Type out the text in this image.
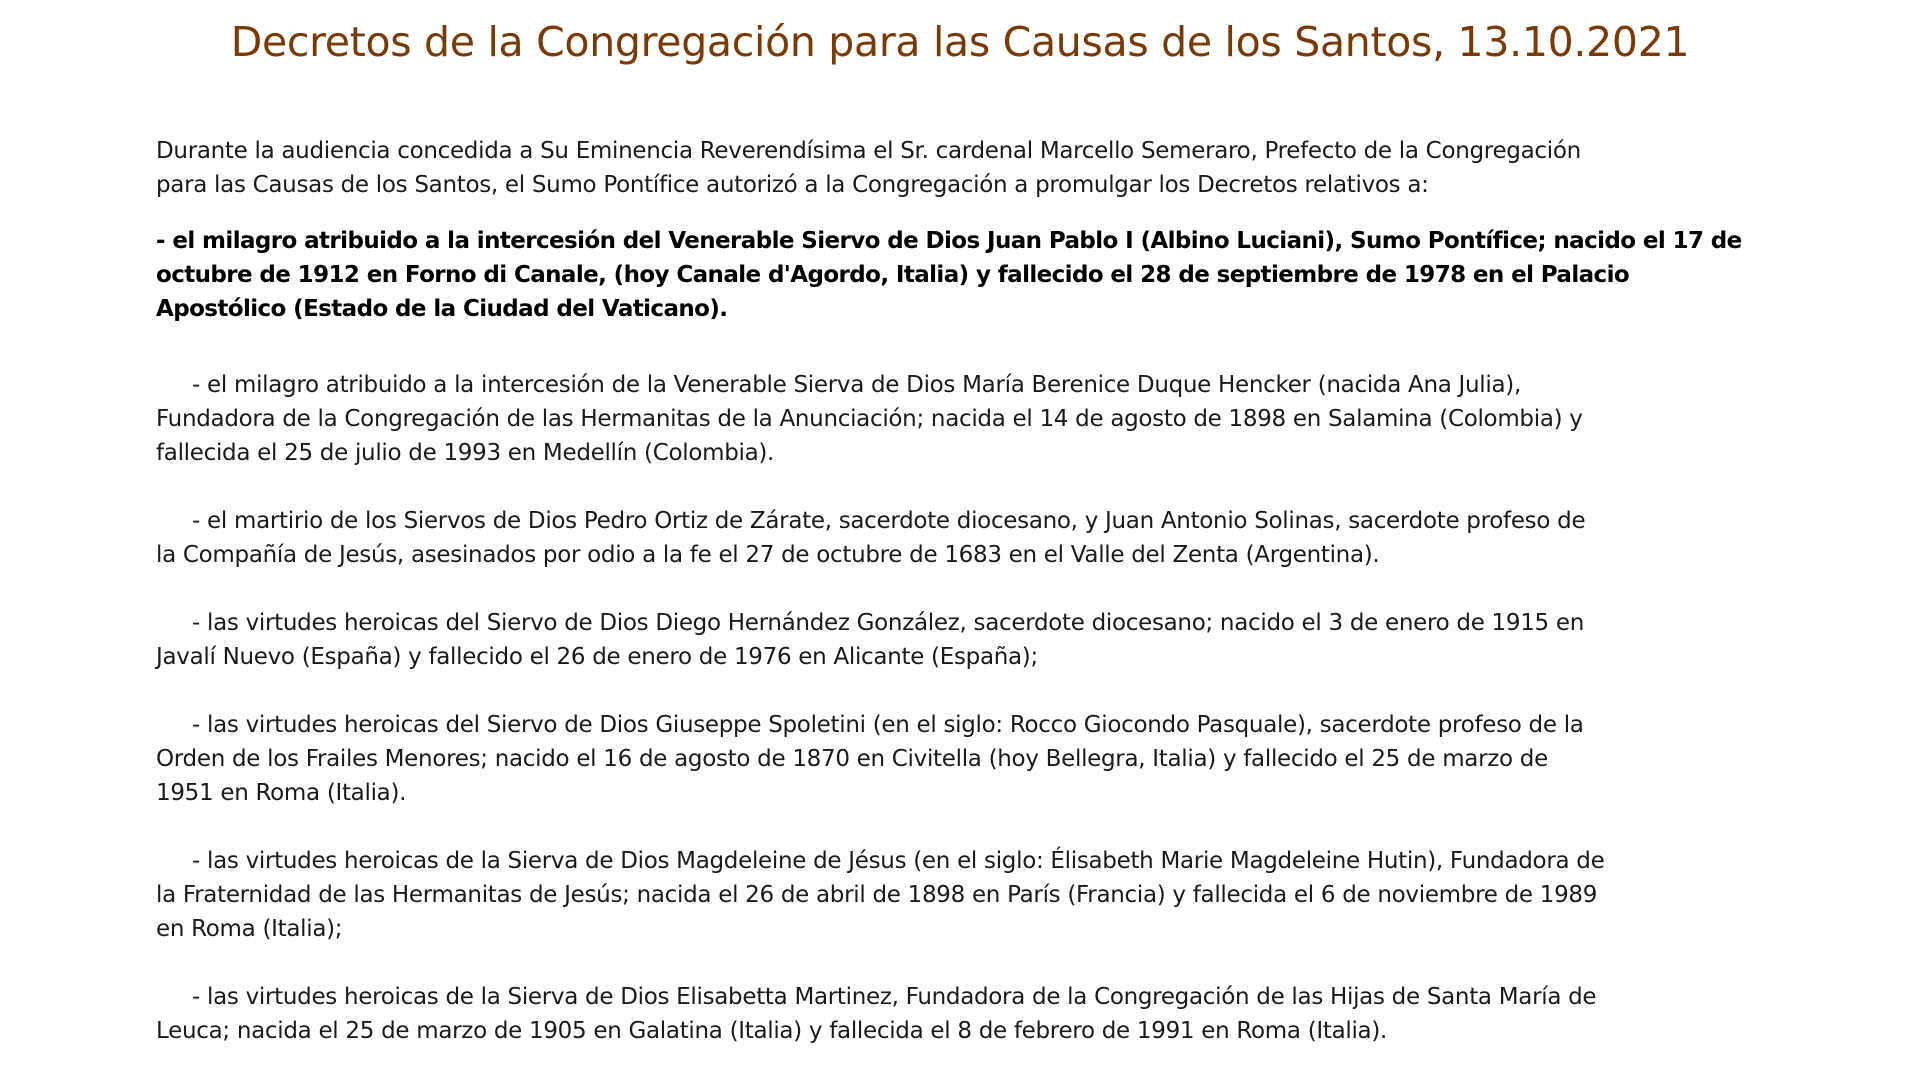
Decretos de la Congregación para las Causas de los Santos, 13.10.2021

Durante la audiencia concedida a Su Eminencia Reverendísima el Sr. cardenal Marcello Semeraro, Prefecto de la Congregación
para las Causas de los Santos, el Sumo Pontífice autorizó a la Congregación a promulgar los Decretos relativos a:

- el milagro atribuido a la intercesión del Venerable Siervo de Dios Juan Pablo I (Albino Luciani), Sumo Pontífice; nacido el 17 de
octubre de 1912 en Forno di Canale, (hoy Canale d'Agordo, Italia) y fallecido el 28 de septiembre de 1978 en el Palacio
Apostólico (Estado de la Ciudad del Vaticano).

- el milagro atribuido a la intercesión de la Venerable Sierva de Dios María Berenice Duque Hencker (nacida Ana Julia),
Fundadora de la Congregación de las Hermanitas de la Anunciación; nacida el 14 de agosto de 1898 en Salamina (Colombia) y
fallecida el 25 de julio de 1993 en Medellín (Colombia).

- el martirio de los Siervos de Dios Pedro Ortiz de Zárate, sacerdote diocesano, y Juan Antonio Solinas, sacerdote profeso de
la Compañía de Jesús, asesinados por odio a la fe el 27 de octubre de 1683 en el Valle del Zenta (Argentina).

- las virtudes heroicas del Siervo de Dios Diego Hernández González, sacerdote diocesano; nacido el 3 de enero de 1915 en
Javalí Nuevo (España) y fallecido el 26 de enero de 1976 en Alicante (España);

- las virtudes heroicas del Siervo de Dios Giuseppe Spoletini (en el siglo: Rocco Giocondo Pasquale), sacerdote profeso de la
Orden de los Frailes Menores; nacido el 16 de agosto de 1870 en Civitella (hoy Bellegra, Italia) y fallecido el 25 de marzo de
1951 en Roma (Italia).

- las virtudes heroicas de la Sierva de Dios Magdeleine de Jésus (en el siglo: Élisabeth Marie Magdeleine Hutin), Fundadora de
la Fraternidad de las Hermanitas de Jesús; nacida el 26 de abril de 1898 en París (Francia) y fallecida el 6 de noviembre de 1989
en Roma (Italia);

- las virtudes heroicas de la Sierva de Dios Elisabetta Martinez, Fundadora de la Congregación de las Hijas de Santa María de
Leuca; nacida el 25 de marzo de 1905 en Galatina (Italia) y fallecida el 8 de febrero de 1991 en Roma (Italia).
